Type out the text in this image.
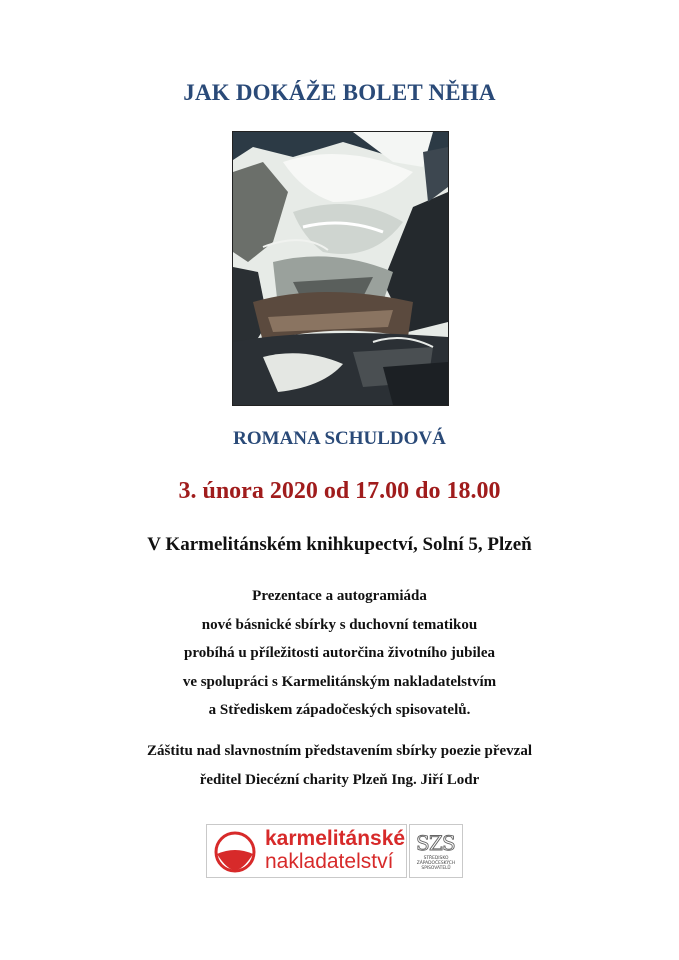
JAK DOKÁŽE BOLET NĚHA
ROMANA SCHULDOVÁ
3. února 2020 od 17.00 do 18.00
V Karmelitánském knihkupectví, Solní 5, Plzeň
Prezentace a autogramiáda
nové básnické sbírky s duchovní tematikou
probíhá u příležitosti autorčina životního jubilea
ve spolupráci s Karmelitánským nakladatelstvím
a Střediskem západočeských spisovatelů.
Záštitu nad slavnostním představením sbírky poezie převzal
ředitel Diecézní charity Plzeň Ing. Jiří Lodr
karmelitánské
nakladatelství
S Z S
STŘEDISKO
ZÁPADOČESKÝCH
SPISOVATELŮ
